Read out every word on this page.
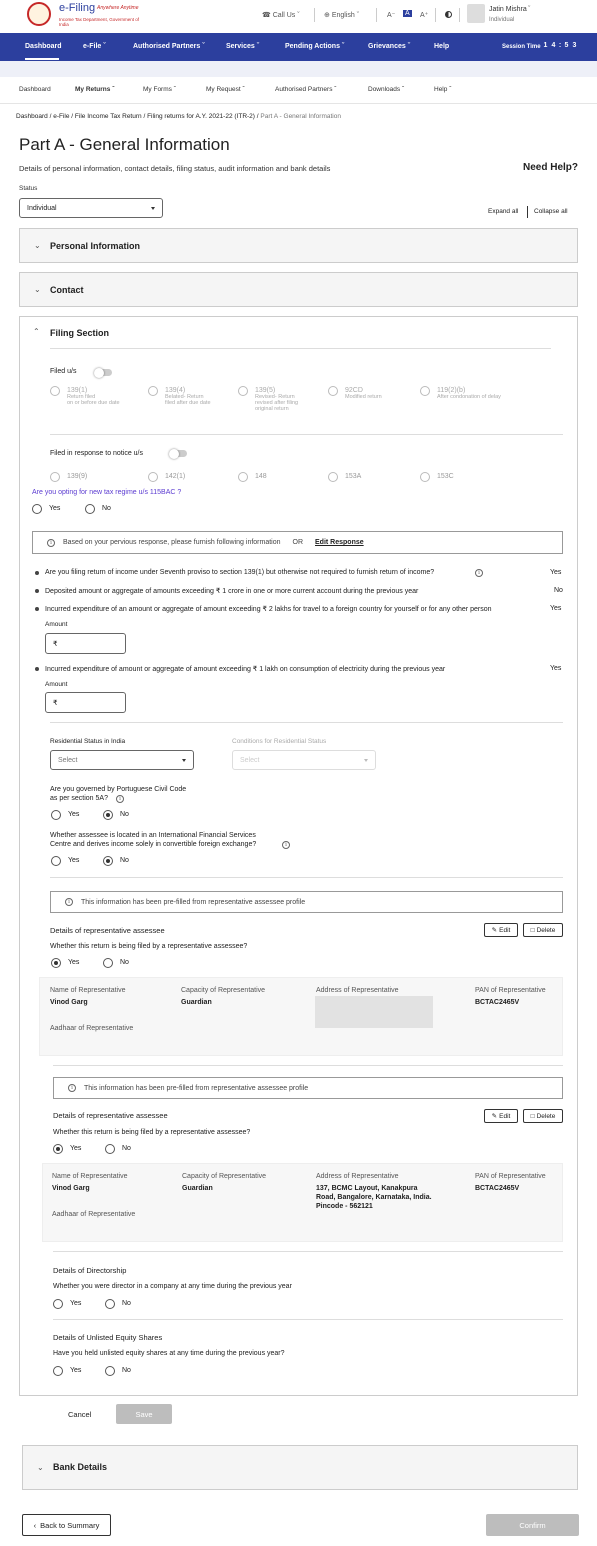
e-Filing Anywhere Anytime
Income Tax Department, Government of India
☎ Call Us ˇ	⊕ English ˇ	A⁻ A A⁺
Jatin Mishra ˇ
Individual
Dashboard	e-File ˇ	Authorised Partners ˇ	Services ˇ	Pending Actions ˇ	Grievances ˇ	Help	Session Time 1 4 : 5 3
Dashboard	My Returns ˇ	My Forms ˇ	My Request ˇ	Authorised Partners ˇ	Downloads ˇ	Help ˇ
Dashboard / e-File / File Income Tax Return / Filing returns for A.Y. 2021-22 (ITR-2) / Part A - General Information
Part A - General Information
Details of personal information, contact details, filing status, audit information and bank details	Need Help?
Status
Individual	Expand all Collapse all
⌄ Personal Information
⌄ Contact
⌃ Filing Section
Filed u/s
139(1)
Return filed
on or before due date
139(4)
Belated- Return
filed after due date
139(5)
Revised- Return
revised after filing
original return
92CD
Modified return
119(2)(b)
After condonation of delay
Filed in response to notice u/s
139(9)	142(1)	148	153A	153C
Are you opting for new tax regime u/s 115BAC ?
Yes	No
i	Based on your pervious response, please furnish following information OR Edit Response
Are you filing return of income under Seventh proviso to section 139(1) but otherwise not required to furnish return of income?	i	Yes
Deposited amount or aggregate of amounts exceeding ₹ 1 crore in one or more current account during the previous year	No
Incurred expenditure of an amount or aggregate of amount exceeding ₹ 2 lakhs for travel to a foreign country for yourself or for any other person	Yes
Amount
₹
Incurred expenditure of amount or aggregate of amount exceeding ₹ 1 lakh on consumption of electricity during the previous year	Yes
Amount
₹
Residential Status in India
Select
Conditions for Residential Status
Select
Are you governed by Portuguese Civil Code
as per section 5A?	i
Yes	No
Whether assessee is located in an International Financial Services
Centre and derives income solely in convertible foreign exchange?	i
Yes	No
i	This information has been pre-filled from representative assessee profile
Details of representative assessee	✎ Edit	□ Delete
Whether this return is being filed by a representative assessee?
Yes	No
Name of Representative
Vinod Garg
Capacity of Representative
Guardian
Address of Representative	PAN of Representative
BCTAC2465V
Aadhaar of Representative
i	This information has been pre-filled from representative assessee profile
Details of representative assessee	✎ Edit	□ Delete
Whether this return is being filed by a representative assessee?
Yes	No
Name of Representative
Vinod Garg
Capacity of Representative
Guardian
Address of Representative
137, BCMC Layout, Kanakpura
Road, Bangalore, Karnataka, India.
Pincode - 562121
PAN of Representative
BCTAC2465V
Aadhaar of Representative
Details of Directorship
Whether you were director in a company at any time during the previous year
Yes	No
Details of Unlisted Equity Shares
Have you held unlisted equity shares at any time during the previous year?
Yes	No
Cancel	Save
⌄ Bank Details
‹ Back to Summary	Confirm
